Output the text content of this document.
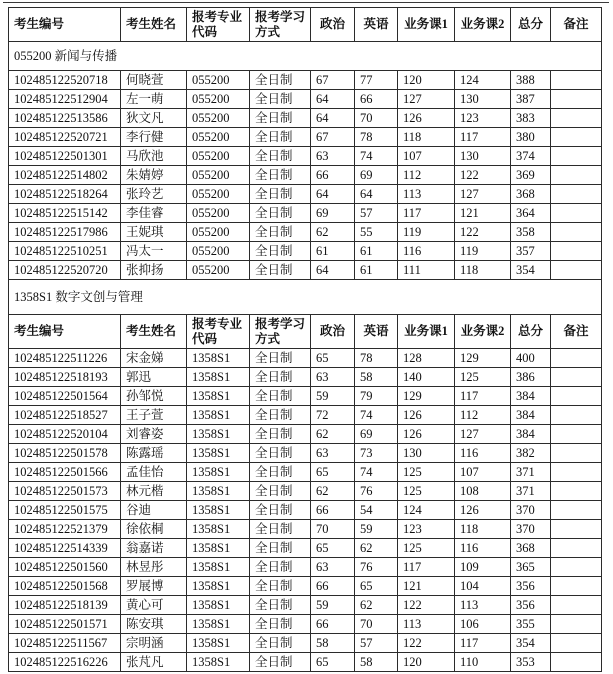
考生编号	考生姓名	报考专业代码	报考学习方式	政治	英语	业务课1	业务课2	总分	备注
055200 新闻与传播									
102485122520718	何晓萱	055200	全日制	67	77	120	124	388	
102485122512904	左一萌	055200	全日制	64	66	127	130	387	
102485122513586	狄文凡	055200	全日制	64	70	126	123	383	
102485122520721	李行健	055200	全日制	67	78	118	117	380	
102485122501301	马欣池	055200	全日制	63	74	107	130	374	
102485122514802	朱婧婷	055200	全日制	66	69	112	122	369	
102485122518264	张玲艺	055200	全日制	64	64	113	127	368	
102485122515142	李佳睿	055200	全日制	69	57	117	121	364	
102485122517986	王妮琪	055200	全日制	62	55	119	122	358	
102485122510251	冯太一	055200	全日制	61	61	116	119	357	
102485122520720	张抑扬	055200	全日制	64	61	111	118	354	
1358S1 数字文创与管理									
考生编号	考生姓名	报考专业代码	报考学习方式	政治	英语	业务课1	业务课2	总分	备注
102485122511226	宋金娣	1358S1	全日制	65	78	128	129	400	
102485122518193	郭迅	1358S1	全日制	63	58	140	125	386	
102485122501564	孙邹悦	1358S1	全日制	59	79	129	117	384	
102485122518527	王子萱	1358S1	全日制	72	74	126	112	384	
102485122520104	刘睿姿	1358S1	全日制	62	69	126	127	384	
102485122501578	陈露瑶	1358S1	全日制	63	73	130	116	382	
102485122501566	孟佳怡	1358S1	全日制	65	74	125	107	371	
102485122501573	林元楷	1358S1	全日制	62	76	125	108	371	
102485122501575	谷迪	1358S1	全日制	66	54	124	126	370	
102485122521379	徐依桐	1358S1	全日制	70	59	123	118	370	
102485122514339	翁嘉诺	1358S1	全日制	65	62	125	116	368	
102485122501560	林昱彤	1358S1	全日制	63	76	117	109	365	
102485122501568	罗展博	1358S1	全日制	66	65	121	104	356	
102485122518139	黄心可	1358S1	全日制	59	62	122	113	356	
102485122501571	陈安琪	1358S1	全日制	66	70	113	106	355	
102485122511567	宗明涵	1358S1	全日制	58	57	122	117	354	
102485122516226	张芃凡	1358S1	全日制	65	58	120	110	353	
